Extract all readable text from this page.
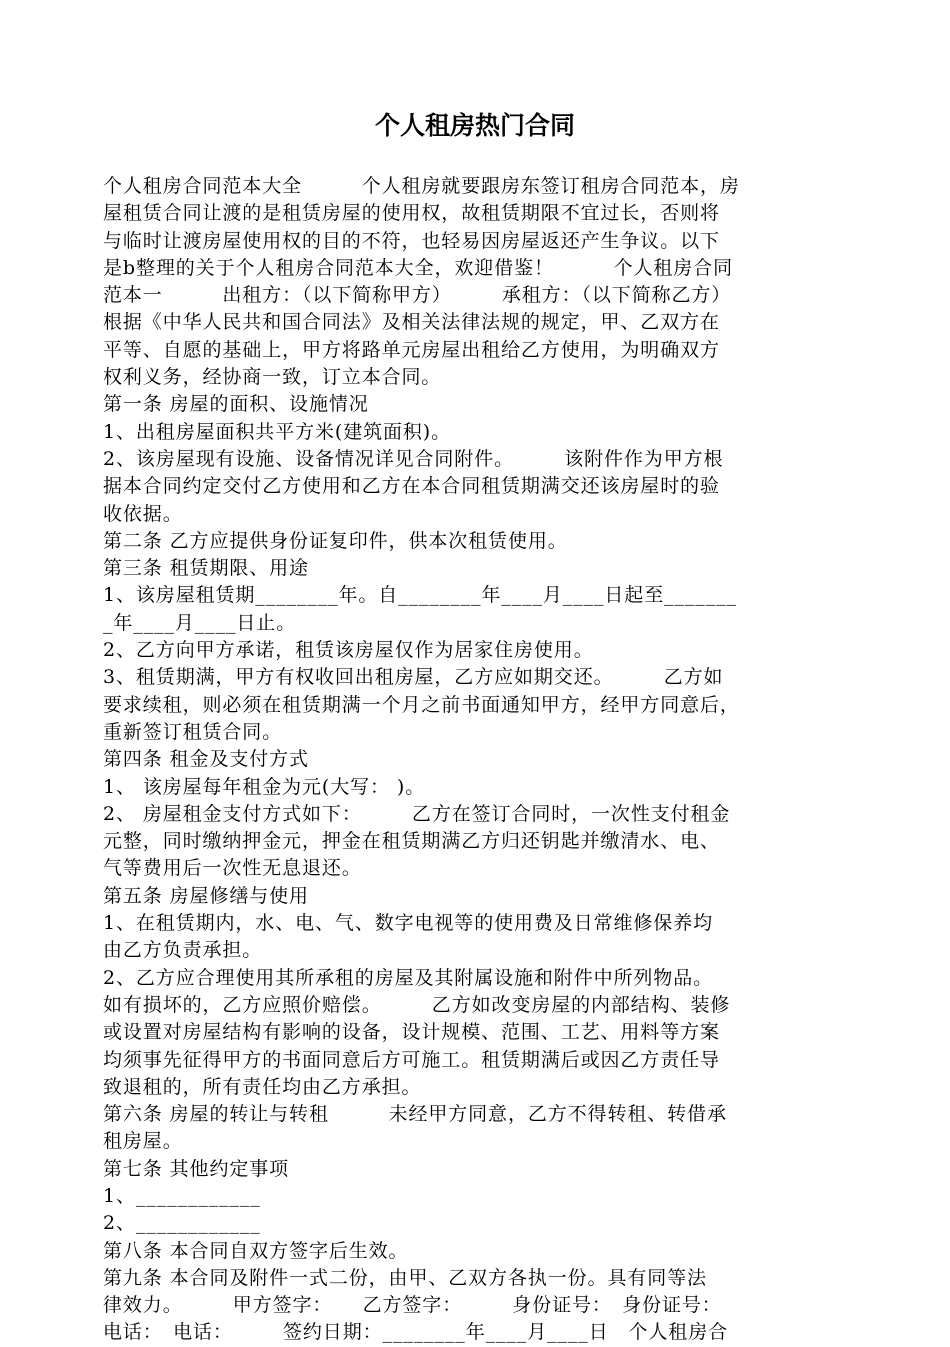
个人租房热门合同
个人租房合同范本大全　　　个人租房就要跟房东签订租房合同范本，房
屋租赁合同让渡的是租赁房屋的使用权，故租赁期限不宜过长，否则将
与临时让渡房屋使用权的目的不符，也轻易因房屋返还产生争议。以下
是b整理的关于个人租房合同范本大全，欢迎借鉴！　　　个人租房合同
范本一　　　出租方：（以下简称甲方）　　　承租方：（以下简称乙方）
根据《中华人民共和国合同法》及相关法律法规的规定，甲、乙双方在
平等、自愿的基础上，甲方将路单元房屋出租给乙方使用，为明确双方
权利义务，经协商一致，订立本合同。
第一条 房屋的面积、设施情况
1、出租房屋面积共平方米(建筑面积)。
2、该房屋现有设施、设备情况详见合同附件。　　　该附件作为甲方根
据本合同约定交付乙方使用和乙方在本合同租赁期满交还该房屋时的验
收依据。
第二条 乙方应提供身份证复印件，供本次租赁使用。
第三条 租赁期限、用途
1、该房屋租赁期________年。自________年____月____日起至_______
_年____月____日止。
2、乙方向甲方承诺，租赁该房屋仅作为居家住房使用。
3、租赁期满，甲方有权收回出租房屋，乙方应如期交还。　　　乙方如
要求续租，则必须在租赁期满一个月之前书面通知甲方，经甲方同意后，
重新签订租赁合同。
第四条 租金及支付方式
1、 该房屋每年租金为元(大写： )。
2、 房屋租金支付方式如下：　　　乙方在签订合同时，一次性支付租金
元整，同时缴纳押金元，押金在租赁期满乙方归还钥匙并缴清水、电、
气等费用后一次性无息退还。
第五条 房屋修缮与使用
1、在租赁期内，水、电、气、数字电视等的使用费及日常维修保养均
由乙方负责承担。
2、乙方应合理使用其所承租的房屋及其附属设施和附件中所列物品。
如有损坏的，乙方应照价赔偿。　　　乙方如改变房屋的内部结构、装修
或设置对房屋结构有影响的设备，设计规模、范围、工艺、用料等方案
均须事先征得甲方的书面同意后方可施工。租赁期满后或因乙方责任导
致退租的，所有责任均由乙方承担。
第六条 房屋的转让与转租　　　未经甲方同意，乙方不得转租、转借承
租房屋。
第七条 其他约定事项
1、____________
2、____________
第八条 本合同自双方签字后生效。
第九条 本合同及附件一式二份，由甲、乙双方各执一份。具有同等法
律效力。　　　甲方签字：　　乙方签字：　　　身份证号：　身份证号：
电话：　电话：　　　签约日期：________年____月____日　个人租房合
